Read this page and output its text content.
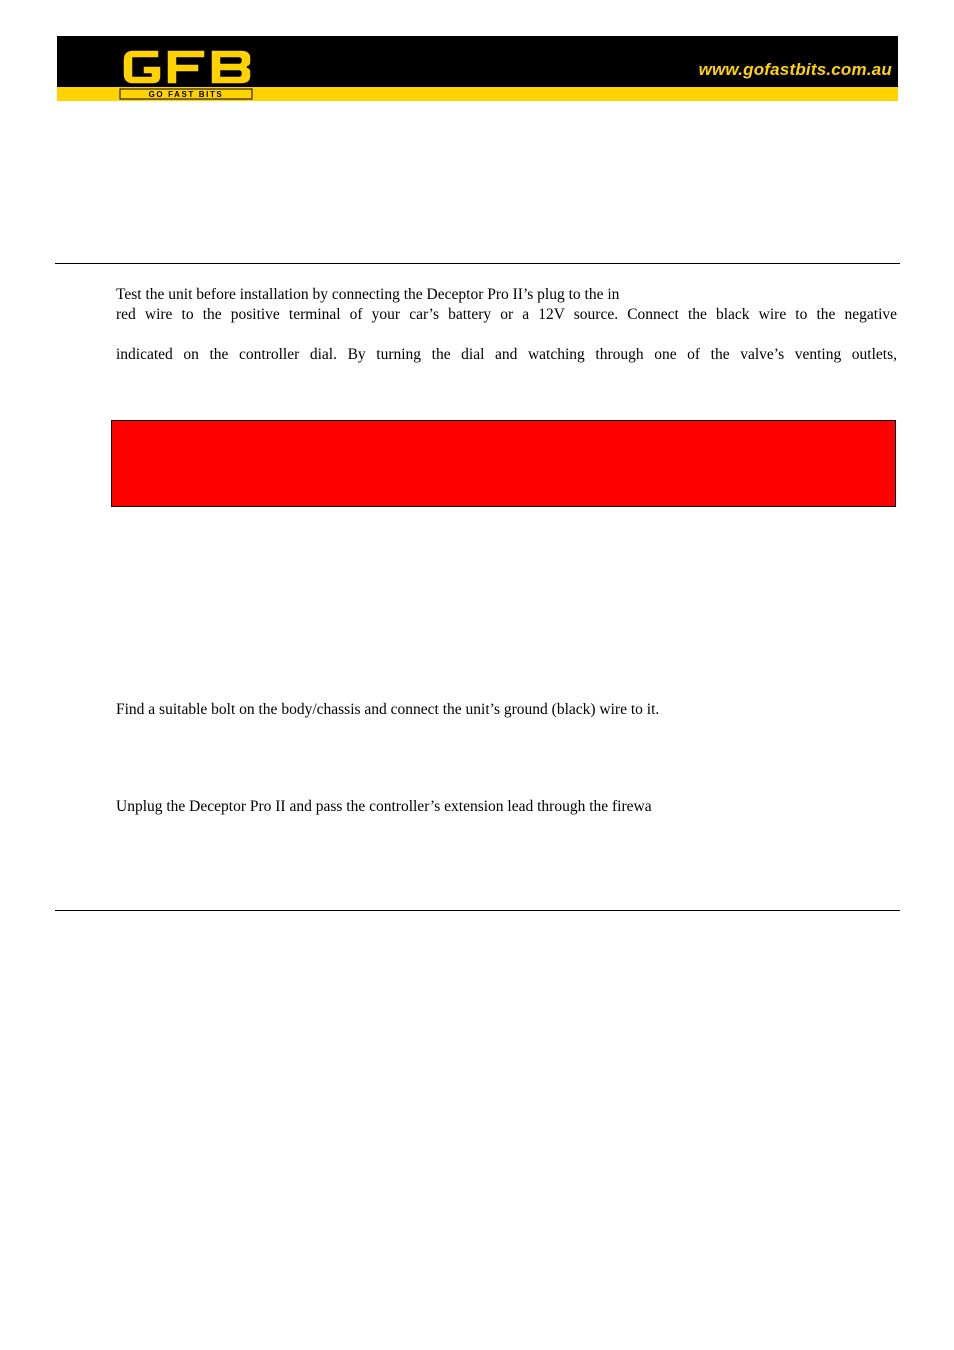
GO FAST BITS
www.gofastbits.com.au
Test the unit before installation by connecting the Deceptor Pro II’s plug to the in
red wire to the positive terminal of your car’s battery or a 12V source. Connect the black wire to the negative
indicated on the controller dial. By turning the dial and watching through one of the valve’s venting outlets,
Find a suitable bolt on the body/chassis and connect the unit’s ground (black) wire to it.
Unplug the Deceptor Pro II and pass the controller’s extension lead through the firewa
